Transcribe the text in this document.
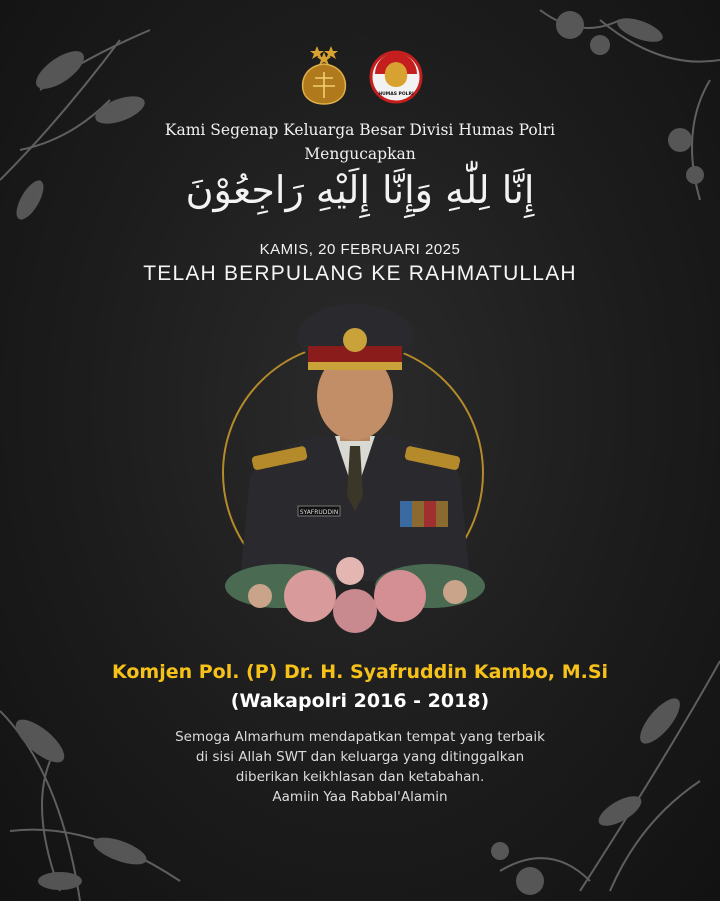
HUMAS POLRI
Kami Segenap Keluarga Besar Divisi Humas Polri
Mengucapkan
إِنَّا لِلّٰهِ وَإِنَّا إِلَيْهِ رَاجِعُوْنَ
KAMIS, 20 FEBRUARI 2025
TELAH BERPULANG KE RAHMATULLAH
SYAFRUDDIN
Komjen Pol. (P) Dr. H. Syafruddin Kambo, M.Si
(Wakapolri 2016 - 2018)
Semoga Almarhum mendapatkan tempat yang terbaik
di sisi Allah SWT dan keluarga yang ditinggalkan
diberikan keikhlasan dan ketabahan.
Aamiin Yaa Rabbal'Alamin
